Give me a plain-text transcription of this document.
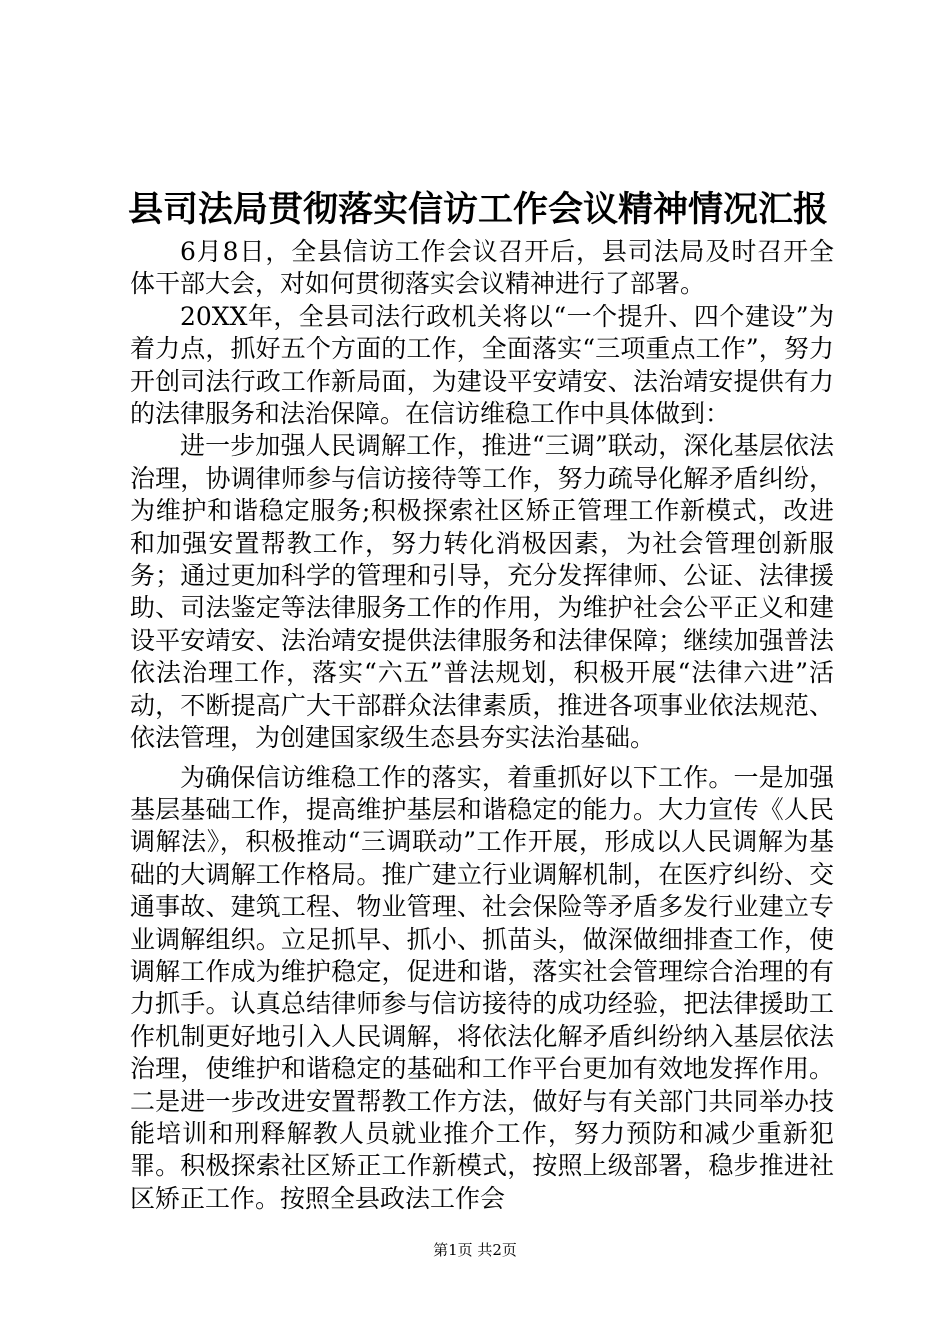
县司法局贯彻落实信访工作会议精神情况汇报

6月8日，全县信访工作会议召开后，县司法局及时召开全体干部大会，对如何贯彻落实会议精神进行了部署。

20XX年，全县司法行政机关将以“一个提升、四个建设”为着力点，抓好五个方面的工作，全面落实“三项重点工作”，努力开创司法行政工作新局面，为建设平安靖安、法治靖安提供有力的法律服务和法治保障。在信访维稳工作中具体做到：

进一步加强人民调解工作，推进“三调”联动，深化基层依法治理，协调律师参与信访接待等工作，努力疏导化解矛盾纠纷，为维护和谐稳定服务;积极探索社区矫正管理工作新模式，改进和加强安置帮教工作，努力转化消极因素，为社会管理创新服务；通过更加科学的管理和引导，充分发挥律师、公证、法律援助、司法鉴定等法律服务工作的作用，为维护社会公平正义和建设平安靖安、法治靖安提供法律服务和法律保障；继续加强普法依法治理工作，落实“六五”普法规划，积极开展“法律六进”活动，不断提高广大干部群众法律素质，推进各项事业依法规范、依法管理，为创建国家级生态县夯实法治基础。

为确保信访维稳工作的落实，着重抓好以下工作。一是加强基层基础工作，提高维护基层和谐稳定的能力。大力宣传《人民调解法》，积极推动“三调联动”工作开展，形成以人民调解为基础的大调解工作格局。推广建立行业调解机制，在医疗纠纷、交通事故、建筑工程、物业管理、社会保险等矛盾多发行业建立专业调解组织。立足抓早、抓小、抓苗头，做深做细排查工作，使调解工作成为维护稳定，促进和谐，落实社会管理综合治理的有力抓手。认真总结律师参与信访接待的成功经验，把法律援助工作机制更好地引入人民调解，将依法化解矛盾纠纷纳入基层依法治理，使维护和谐稳定的基础和工作平台更加有效地发挥作用。二是进一步改进安置帮教工作方法，做好与有关部门共同举办技能培训和刑释解教人员就业推介工作，努力预防和减少重新犯罪。积极探索社区矫正工作新模式，按照上级部署，稳步推进社区矫正工作。按照全县政法工作会

第1页 共2页
